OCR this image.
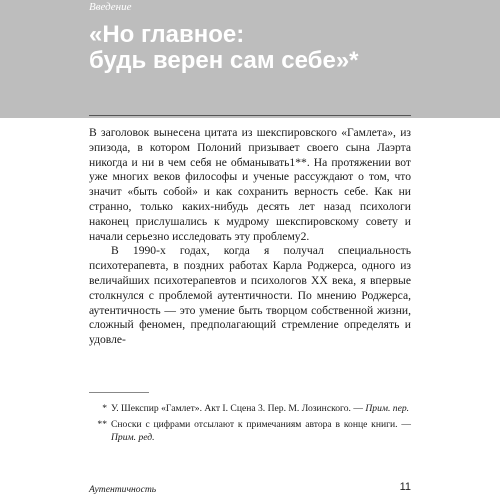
Введение
«Но главное:
будь верен сам себе»*

В заголовок вынесена цитата из шекспировского «Гамлета», из эпизода, в котором Полоний призывает своего сына Лаэрта никогда и ни в чем себя не обманывать1**. На протяжении вот уже многих веков философы и ученые рассуждают о том, что значит «быть собой» и как сохранить верность себе. Как ни странно, только каких-нибудь десять лет назад психологи наконец прислушались к мудрому шекспировскому совету и начали серьезно исследовать эту проблему2.

В 1990-х годах, когда я получал специальность психотерапевта, в поздних работах Карла Роджерса, одного из величайших психотерапевтов и психологов XX века, я впервые столкнулся с проблемой аутентичности. По мнению Роджерса, аутентичность — это умение быть творцом собственной жизни, сложный феномен, предполагающий стремление определять и удовле-

* У. Шекспир «Гамлет». Акт I. Сцена 3. Пер. М. Лозинского. — Прим. пер.
** Сноски с цифрами отсылают к примечаниям автора в конце книги. — Прим. ред.
Аутентичность	11
